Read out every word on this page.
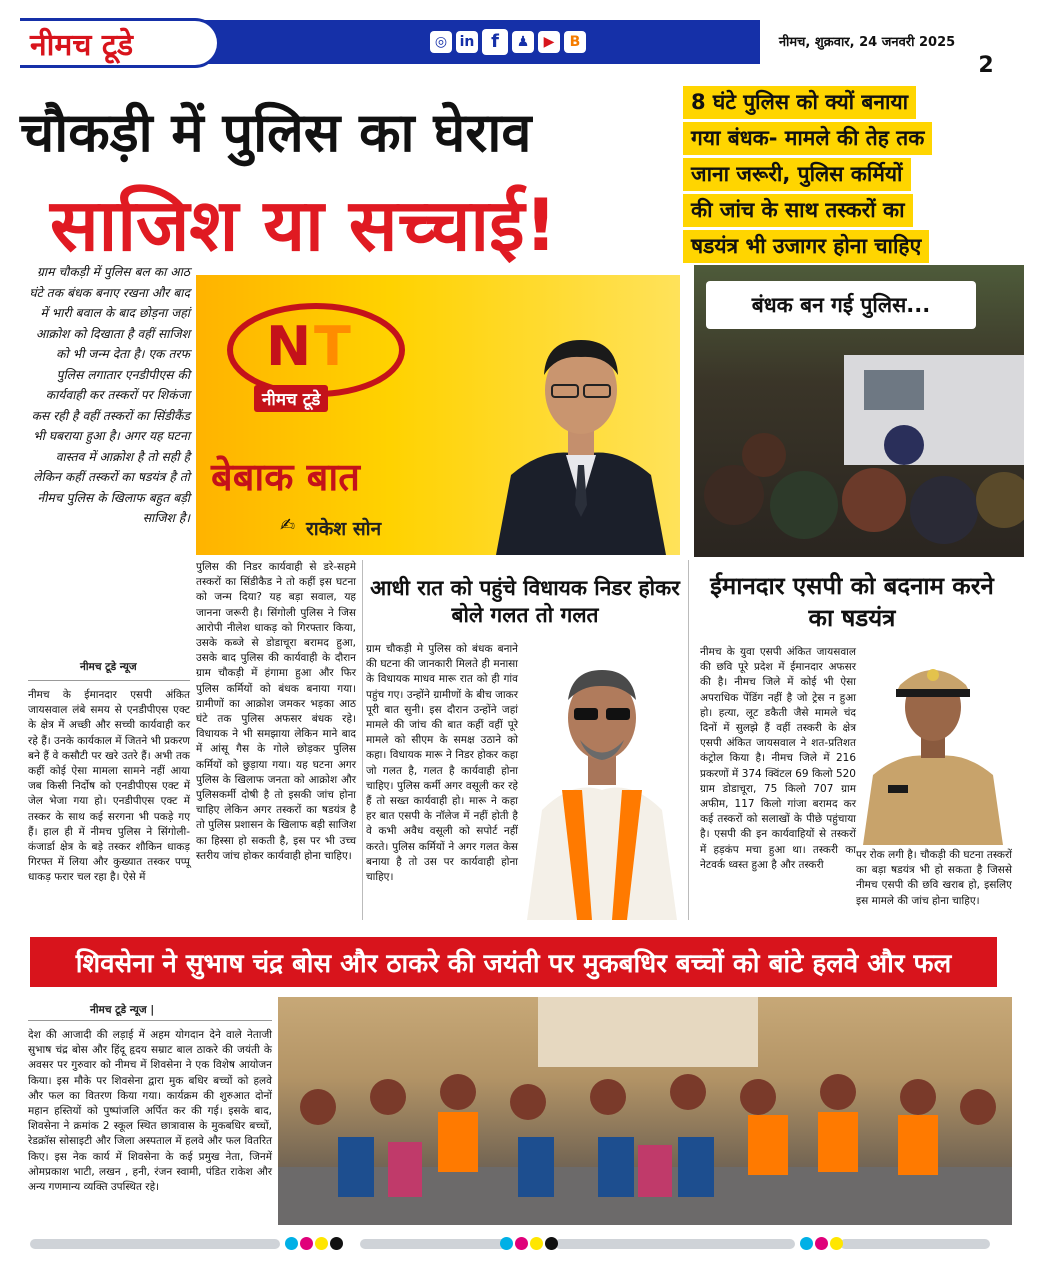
नीमच टूडे	◎ in f	♟	▶	B	नीमच, शुक्रवार, 24 जनवरी 2025
2
चौकड़ी में पुलिस का घेराव
साजिश या सच्चाई!
8 घंटे पुलिस को क्यों बनाया
गया बंधक- मामले की तेह तक
जाना जरूरी, पुलिस कर्मियों
की जांच के साथ तस्करों का
षडयंत्र भी उजागर होना चाहिए
ग्राम चौकड़ी में पुलिस बल का आठ घंटे तक बंधक बनाए रखना और बाद में भारी बवाल के बाद छोड़ना जहां आक्रोश को दिखाता है वहीं साजिश को भी जन्म देता है। एक तरफ पुलिस लगातार एनडीपीएस की कार्यवाही कर तस्करों पर शिकंजा कस रही है वहीं तस्करों का सिंडीकैंड भी घबराया हुआ है। अगर यह घटना वास्तव में आक्रोश है तो सही है लेकिन कहीं तस्करों का षडयंत्र है तो नीमच पुलिस के खिलाफ बहुत बड़ी साजिश है।
N T
नीमच टूडे
बेबाक बात
✍ राकेश सोन
बंधक बन गई पुलिस...
नीमच टूडे न्यूज
नीमच के ईमानदार एसपी अंकित जायसवाल लंबे समय से एनडीपीएस एक्ट के क्षेत्र में अच्छी और सच्ची कार्यवाही कर रहे हैं। उनके कार्यकाल में जितने भी प्रकरण बने हैं वे कसौटी पर खरे उतरे हैं। अभी तक कहीं कोई ऐसा मामला सामने नहीं आया जब किसी निर्दोष को एनडीपीएस एक्ट में जेल भेजा गया हो। एनडीपीएस एक्ट में तस्कर के साथ कई सरगना भी पकड़े गए हैं। हाल ही में नीमच पुलिस ने सिंगोली-कंजार्डा क्षेत्र के बड़े तस्कर शौकिन धाकड़ गिरफ्त में लिया और कुख्यात तस्कर पप्पू धाकड़ फरार चल रहा है। ऐसे में
पुलिस की निडर कार्यवाही से डरे-सहमे तस्करों का सिंडीकैड ने तो कहीं इस घटना को जन्म दिया? यह बड़ा सवाल, यह जानना जरूरी है। सिंगोली पुलिस ने जिस आरोपी नीलेश धाकड़ को गिरफ्तार किया, उसके कब्जे से डोडाचूरा बरामद हुआ, उसके बाद पुलिस की कार्यवाही के दौरान ग्राम चौकड़ी में हंगामा हुआ और फिर पुलिस कर्मियों को बंधक बनाया गया। ग्रामीणों का आक्रोश जमकर भड़का आठ घंटे तक पुलिस अफसर बंधक रहे। विधायक ने भी समझाया लेकिन माने बाद में आंसू गैस के गोले छोड़कर पुलिस कर्मियों को छुड़ाया गया। यह घटना अगर पुलिस के खिलाफ जनता को आक्रोश और पुलिसकर्मी दोषी है तो इसकी जांच होना चाहिए लेकिन अगर तस्करों का षडयंत्र है तो पुलिस प्रशासन के खिलाफ बड़ी साजिश का हिस्सा हो सकती है, इस पर भी उच्च स्तरीय जांच होकर कार्यवाही होना चाहिए।
आधी रात को पहुंचे विधायक निडर होकर बोले गलत तो गलत
ग्राम चौकड़ी मे पुलिस को बंधक बनाने की घटना की जानकारी मिलते ही मनासा के विधायक माधव मारू रात को ही गांव पहुंच गए। उन्होंने ग्रामीणों के बीच जाकर पूरी बात सुनी। इस दौरान उन्होंने जहां मामले की जांच की बात कहीं वहीं पूरे मामले को सीएम के समक्ष उठाने को कहा। विधायक मारू ने निडर होकर कहा जो गलत है, गलत है कार्यवाही होना चाहिए। पुलिस कर्मी अगर वसूली कर रहे हैं तो सख्त कार्यवाही हो। मारू ने कहा हर बात एसपी के नॉलेज में नहीं होती है वे कभी अवैध वसूली को सपोर्ट नहीं करते। पुलिस कर्मियों ने अगर गलत केस बनाया है तो उस पर कार्यवाही होना चाहिए।
ईमानदार एसपी को बदनाम करने का षडयंत्र
नीमच के युवा एसपी अंकित जायसवाल की छवि पूरे प्रदेश में ईमानदार अफसर की है। नीमच जिले में कोई भी ऐसा अपराधिक पेंडिंग नहीं है जो ट्रेस न हुआ हो। हत्या, लूट डकैती जैसे मामले चंद दिनों में सुलझे हैं वहीं तस्करी के क्षेत्र एसपी अंकित जायसवाल ने शत-प्रतिशत कंट्रोल किया है। नीमच जिले में 216 प्रकरणों में 374 क्विंटल 69 किलो 520 ग्राम डोडाचूरा, 75 किलो 707 ग्राम अफीम, 117 किलो गांजा बरामद कर कई तस्करों को सलाखों के पीछे पहुंचाया है। एसपी की इन कार्यवाहियों से तस्करों में हड़कंप मचा हुआ था। तस्करी का नेटवर्क ध्वस्त हुआ है और तस्करी
पर रोक लगी है। चौकड़ी की घटना तस्करों का बड़ा षडयंत्र भी हो सकता है जिससे नीमच एसपी की छवि खराब हो, इसलिए इस मामले की जांच होना चाहिए।
शिवसेना ने सुभाष चंद्र बोस और ठाकरे की जयंती पर मुकबधिर बच्चों को बांटे हलवे और फल
नीमच टूडे न्यूज |
देश की आजादी की लड़ाई में अहम योगदान देने वाले नेताजी सुभाष चंद्र बोस और हिंदू हृदय सम्राट बाल ठाकरे की जयंती के अवसर पर गुरुवार को नीमच में शिवसेना ने एक विशेष आयोजन किया। इस मौके पर शिवसेना द्वारा मुक बधिर बच्चों को हलवे और फल का वितरण किया गया। कार्यक्रम की शुरुआत दोनों महान हस्तियों को पुष्पांजलि अर्पित कर की गई। इसके बाद, शिवसेना ने क्रमांक 2 स्कूल स्थित छात्रावास के मुकबधिर बच्चों, रेडक्रॉस सोसाइटी और जिला अस्पताल में हलवे और फल वितरित किए। इस नेक कार्य में शिवसेना के कई प्रमुख नेता, जिनमें ओमप्रकाश भाटी, लखन , हनी, रंजन स्वामी, पंडित राकेश और अन्य गणमान्य व्यक्ति उपस्थित रहे।
